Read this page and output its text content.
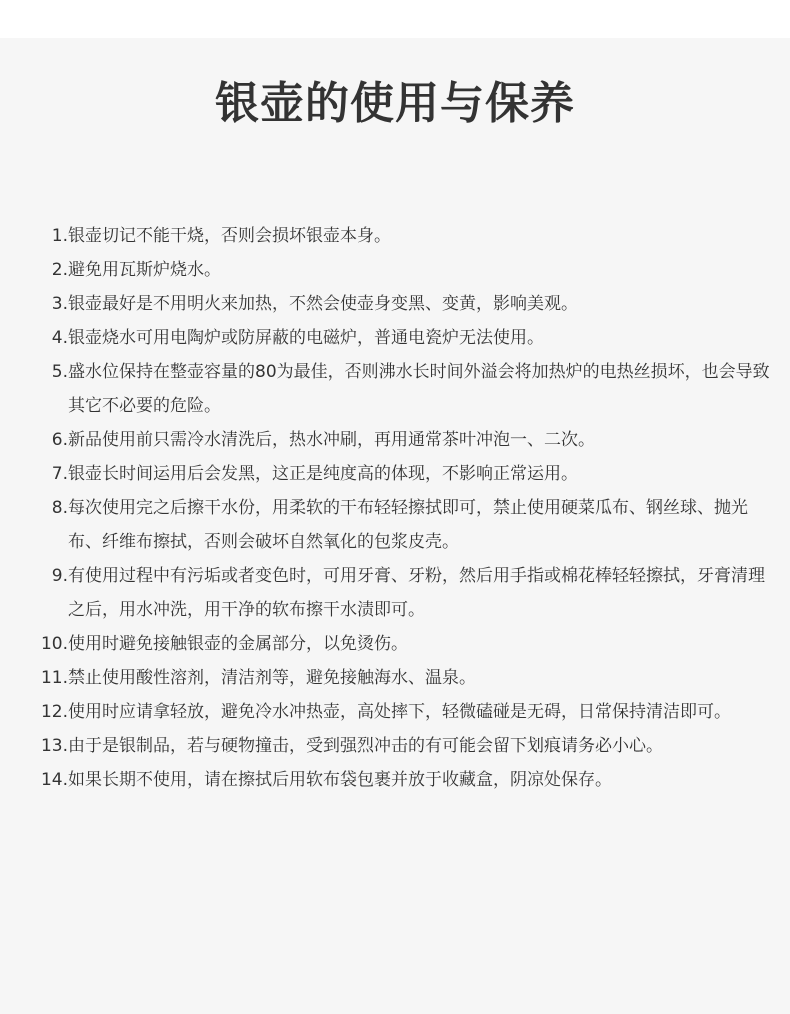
银壶的使用与保养
1. 银壶切记不能干烧，否则会损坏银壶本身。
2. 避免用瓦斯炉烧水。
3. 银壶最好是不用明火来加热，不然会使壶身变黑、变黄，影响美观。
4. 银壶烧水可用电陶炉或防屏蔽的电磁炉，普通电瓷炉无法使用。
5. 盛水位保持在整壶容量的80为最佳，否则沸水长时间外溢会将加热炉的电热丝损坏，也会导致其它不必要的危险。
6. 新品使用前只需冷水清洗后，热水冲刷，再用通常茶叶冲泡一、二次。
7. 银壶长时间运用后会发黑，这正是纯度高的体现，不影响正常运用。
8. 每次使用完之后擦干水份，用柔软的干布轻轻擦拭即可，禁止使用硬菜瓜布、钢丝球、抛光布、纤维布擦拭，否则会破坏自然氧化的包浆皮壳。
9. 有使用过程中有污垢或者变色时，可用牙膏、牙粉，然后用手指或棉花棒轻轻擦拭，牙膏清理之后，用水冲洗，用干净的软布擦干水渍即可。
10. 使用时避免接触银壶的金属部分，以免烫伤。
11. 禁止使用酸性溶剂，清洁剂等，避免接触海水、温泉。
12. 使用时应请拿轻放，避免冷水冲热壶，高处摔下，轻微磕碰是无碍，日常保持清洁即可。
13. 由于是银制品，若与硬物撞击，受到强烈冲击的有可能会留下划痕请务必小心。
14. 如果长期不使用，请在擦拭后用软布袋包裹并放于收藏盒，阴凉处保存。
